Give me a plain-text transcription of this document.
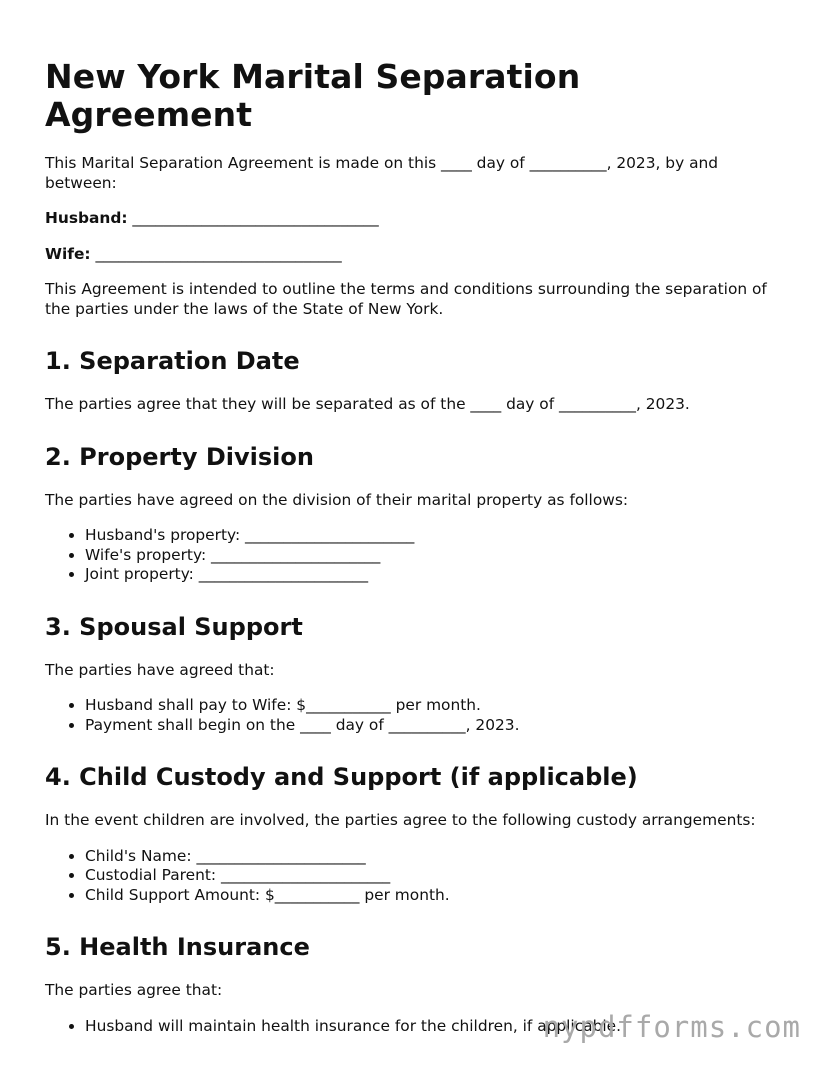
New York Marital Separation Agreement

This Marital Separation Agreement is made on this ____ day of __________, 2023, by and between:

Husband: ________________________________

Wife: ________________________________

This Agreement is intended to outline the terms and conditions surrounding the separation of the parties under the laws of the State of New York.

1. Separation Date

The parties agree that they will be separated as of the ____ day of __________, 2023.

2. Property Division

The parties have agreed on the division of their marital property as follows:

• Husband's property: ______________________
• Wife's property: ______________________
• Joint property: ______________________
3. Spousal Support

The parties have agreed that:

• Husband shall pay to Wife: $___________ per month.
• Payment shall begin on the ____ day of __________, 2023.
4. Child Custody and Support (if applicable)

In the event children are involved, the parties agree to the following custody arrangements:

• Child's Name: ______________________
• Custodial Parent: ______________________
• Child Support Amount: $___________ per month.
5. Health Insurance

The parties agree that:

• Husband will maintain health insurance for the children, if applicable.
nypdfforms.com
